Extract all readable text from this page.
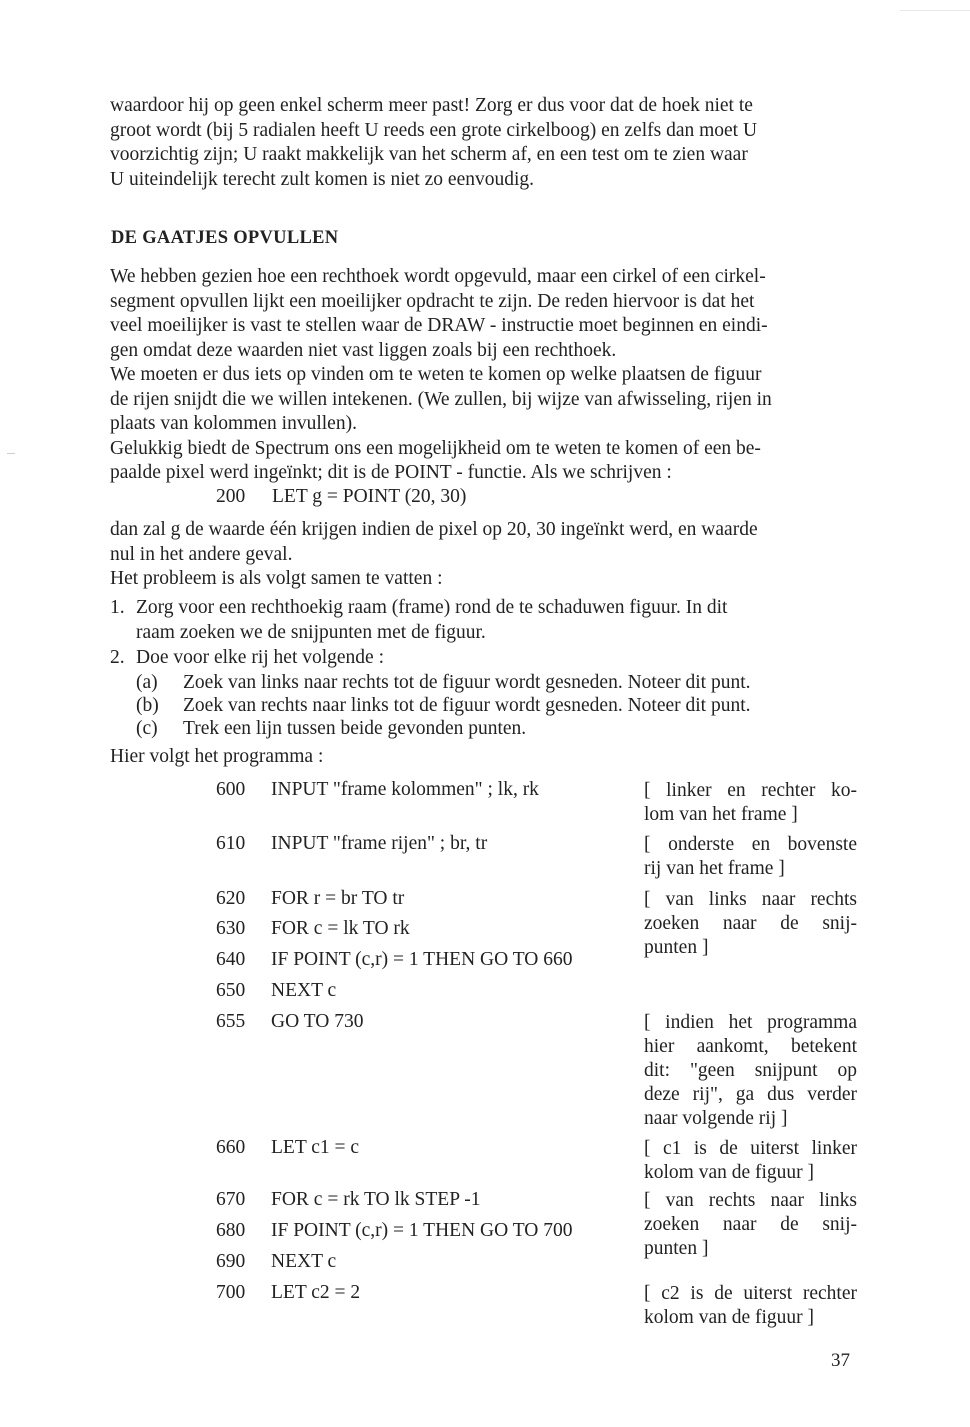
waardoor hij op geen enkel scherm meer past! Zorg er dus voor dat de hoek niet te
groot wordt (bij 5 radialen heeft U reeds een grote cirkelboog) en zelfs dan moet U
voorzichtig zijn; U raakt makkelijk van het scherm af, en een test om te zien waar
U uiteindelijk terecht zult komen is niet zo eenvoudig.

DE GAATJES OPVULLEN

We hebben gezien hoe een rechthoek wordt opgevuld, maar een cirkel of een cirkel-
segment opvullen lijkt een moeilijker opdracht te zijn. De reden hiervoor is dat het
veel moeilijker is vast te stellen waar de DRAW - instructie moet beginnen en eindi-
gen omdat deze waarden niet vast liggen zoals bij een rechthoek.
We moeten er dus iets op vinden om te weten te komen op welke plaatsen de figuur
de rijen snijdt die we willen intekenen. (We zullen, bij wijze van afwisseling, rijen in
plaats van kolommen invullen).
Gelukkig biedt de Spectrum ons een mogelijkheid om te weten te komen of een be-
paalde pixel werd ingeïnkt; dit is de POINT - functie. Als we schrijven :

200 LET g = POINT (20, 30)

dan zal g de waarde één krijgen indien de pixel op 20, 30 ingeïnkt werd, en waarde
nul in het andere geval.
Het probleem is als volgt samen te vatten :

1. Zorg voor een rechthoekig raam (frame) rond de te schaduwen figuur. In dit
raam zoeken we de snijpunten met de figuur.
2. Doe voor elke rij het volgende :
(a) Zoek van links naar rechts tot de figuur wordt gesneden. Noteer dit punt.
(b) Zoek van rechts naar links tot de figuur wordt gesneden. Noteer dit punt.
(c) Trek een lijn tussen beide gevonden punten.
Hier volgt het programma :
600 INPUT "frame kolommen" ; lk, rk
610 INPUT "frame rijen" ; br, tr
620 FOR r = br TO tr
630 FOR c = lk TO rk
640 IF POINT (c,r) = 1 THEN GO TO 660
650 NEXT c
655 GO TO 730
660 LET c1 = c
670 FOR c = rk TO lk STEP -1
680 IF POINT (c,r) = 1 THEN GO TO 700
690 NEXT c
700 LET c2 = 2
[ linker en rechter ko-
lom van het frame ]
[ onderste en bovenste
rij van het frame ]
[ van links naar rechts
zoeken naar de snij-
punten ]
[ indien het programma
hier aankomt, betekent
dit: "geen snijpunt op
deze rij", ga dus verder
naar volgende rij ]
[ c1 is de uiterst linker
kolom van de figuur ]
[ van rechts naar links
zoeken naar de snij-
punten ]
[ c2 is de uiterst rechter
kolom van de figuur ]
37
